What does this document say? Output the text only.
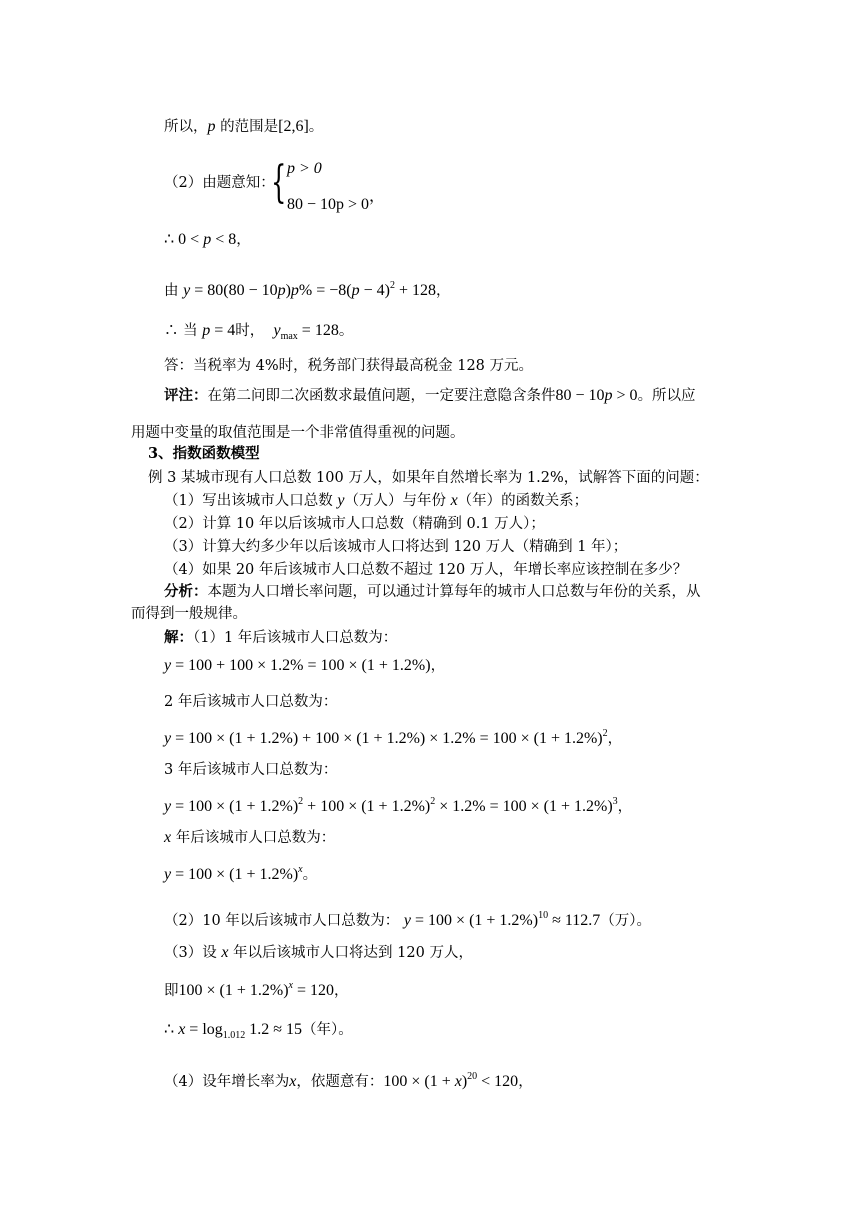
所以，p 的范围是[2,6]。
（2）由题意知：
{ p > 0
80 − 10p > 0，
∴ 0 < p < 8，
由 $y = 80(80 - 10p)p\% = -8(p - 4)^2 + 128$，
∴ 当 p = 4时， $y_{max} = 128$。
答：当税率为 4%时，税务部门获得最高税金 128 万元。
评注：在第二问即二次函数求最值问题，一定要注意隐含条件80 − 10p > 0。所以应
用题中变量的取值范围是一个非常值得重视的问题。
3、指数函数模型
例 3 某城市现有人口总数 100 万人，如果年自然增长率为 1.2%，试解答下面的问题：
（1）写出该城市人口总数 y（万人）与年份 x（年）的函数关系；
（2）计算 10 年以后该城市人口总数（精确到 0.1 万人）；
（3）计算大约多少年以后该城市人口将达到 120 万人（精确到 1 年）；
（4）如果 20 年后该城市人口总数不超过 120 万人，年增长率应该控制在多少？
分析：本题为人口增长率问题，可以通过计算每年的城市人口总数与年份的关系，从
而得到一般规律。
解：（1）1 年后该城市人口总数为：
y = 100 + 100 × 1.2% = 100 × (1 + 1.2%)，
2 年后该城市人口总数为：
$y = 100 \times (1 + 1.2\%) + 100 \times (1 + 1.2\%) \times 1.2\% = 100 \times (1 + 1.2\%)^2$，
3 年后该城市人口总数为：
$y = 100 \times (1 + 1.2\%)^2 + 100 \times (1 + 1.2\%)^2 \times 1.2\% = 100 \times (1 + 1.2\%)^3$，
x 年后该城市人口总数为：
$y = 100 \times (1 + 1.2\%)^x$。
（2）10 年以后该城市人口总数为： $y = 100 \times (1 + 1.2\%)^{10} \approx 112.7$（万）。
（3）设 x 年以后该城市人口将达到 120 万人，
即$100 \times (1 + 1.2\%)^x = 120$，
∴ $x = \log_{1.012} 1.2 \approx 15$（年）。
（4）设年增长率为x，依题意有：$100 \times (1 + x)^{20} < 120$，
